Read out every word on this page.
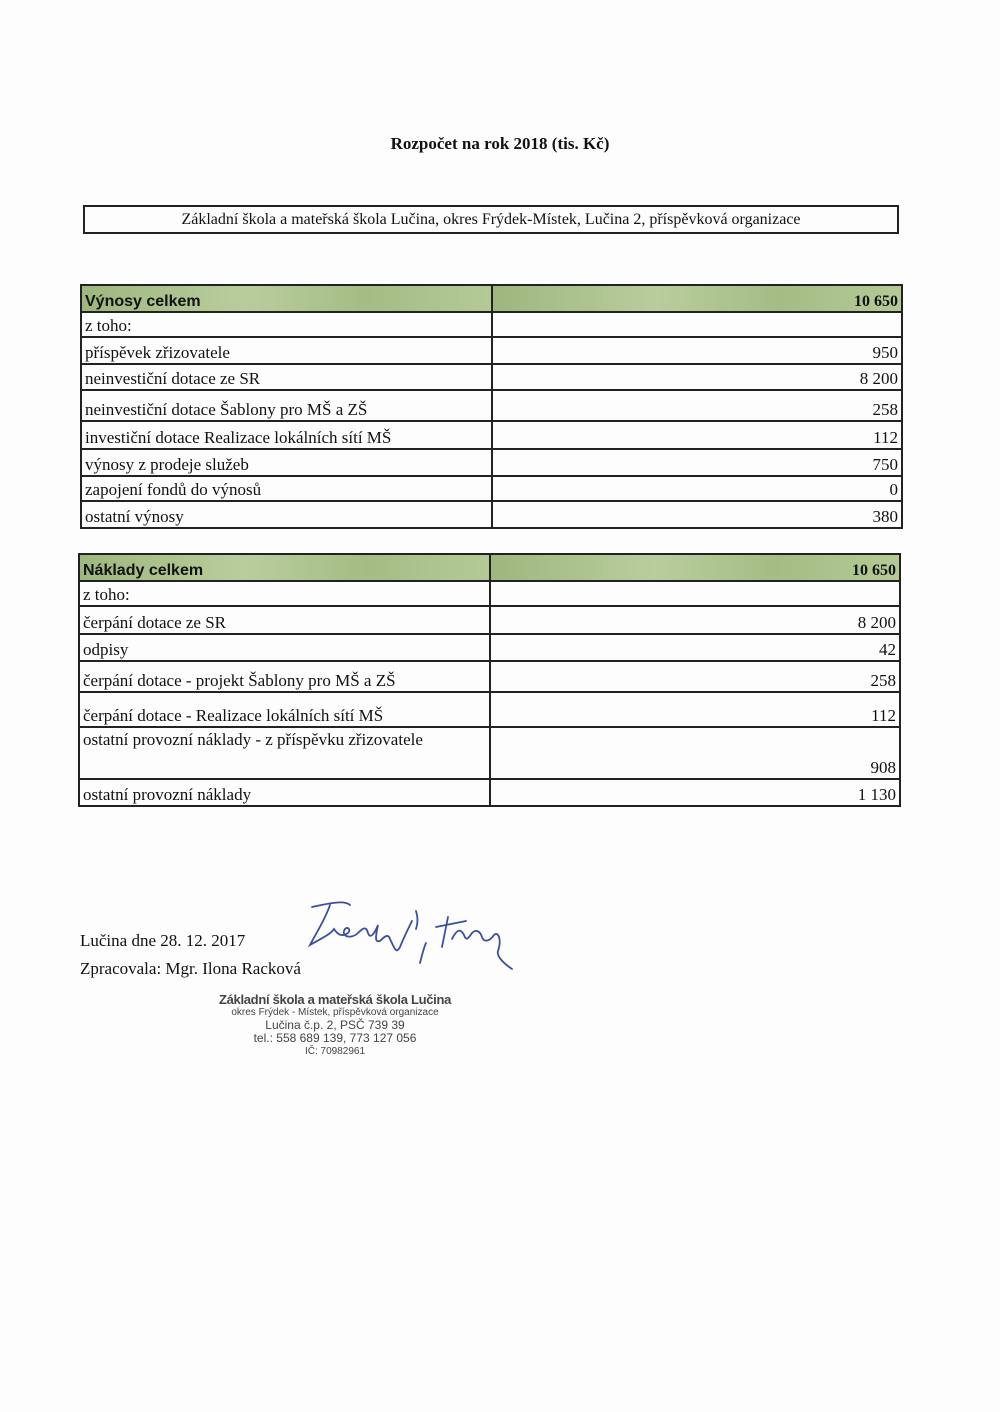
Rozpočet na rok 2018 (tis. Kč)
Základní škola a mateřská škola Lučina, okres Frýdek-Místek, Lučina 2, příspěvková organizace
Výnosy celkem	10 650
z toho:	
příspěvek zřizovatele	950
neinvestiční dotace ze SR	8 200
neinvestiční dotace Šablony pro MŠ a ZŠ	258
investiční dotace Realizace lokálních sítí MŠ	112
výnosy z prodeje služeb	750
zapojení fondů do výnosů	0
ostatní výnosy	380
Náklady celkem	10 650
z toho:	
čerpání dotace ze SR	8 200
odpisy	42
čerpání dotace - projekt Šablony pro MŠ a ZŠ	258
čerpání dotace - Realizace lokálních sítí MŠ	112
ostatní provozní náklady - z příspěvku zřizovatele	908
ostatní provozní náklady	1 130
Lučina dne 28. 12. 2017
Zpracovala: Mgr. Ilona Racková
Základní škola a mateřská škola Lučina
okres Frýdek - Místek, příspěvková organizace
Lučina č.p. 2, PSČ 739 39
tel.: 558 689 139, 773 127 056
IČ: 70982961
